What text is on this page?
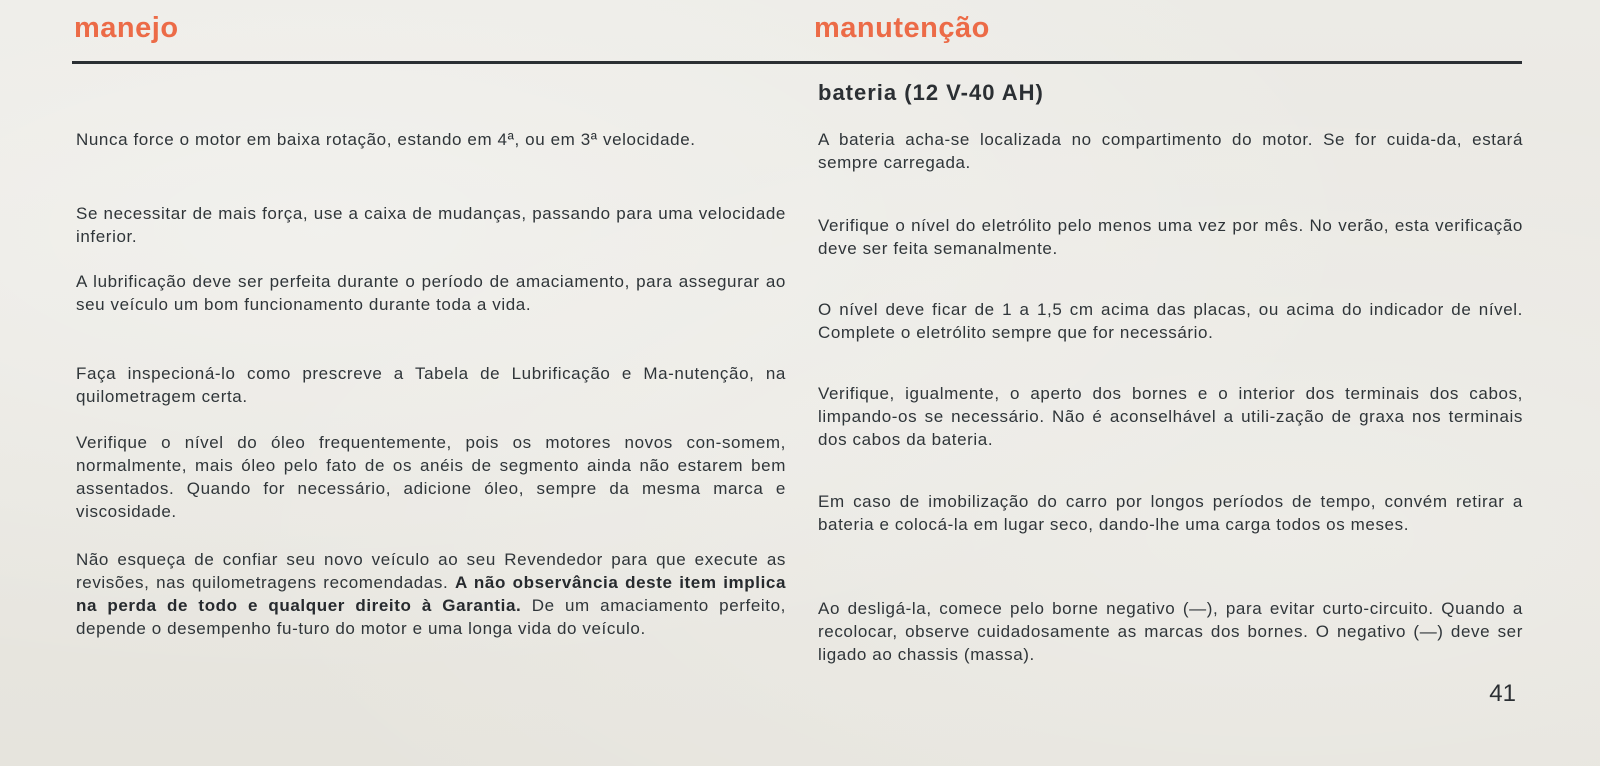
manejo	manutenção
bateria (12 V-40 AH)

Nunca force o motor em baixa rotação, estando em 4ª, ou em 3ª velocidade.

Se necessitar de mais força, use a caixa de mudanças, passando para uma velocidade inferior.

A lubrificação deve ser perfeita durante o período de amaciamento, para assegurar ao seu veículo um bom funcionamento durante toda a vida.

Faça inspecioná-lo como prescreve a Tabela de Lubrificação e Ma-nutenção, na quilometragem certa.

Verifique o nível do óleo frequentemente, pois os motores novos con-somem, normalmente, mais óleo pelo fato de os anéis de segmento ainda não estarem bem assentados. Quando for necessário, adicione óleo, sempre da mesma marca e viscosidade.

Não esqueça de confiar seu novo veículo ao seu Revendedor para que execute as revisões, nas quilometragens recomendadas. A não observância deste item implica na perda de todo e qualquer direito à Garantia. De um amaciamento perfeito, depende o desempenho fu-turo do motor e uma longa vida do veículo.

A bateria acha-se localizada no compartimento do motor. Se for cuida-da, estará sempre carregada.

Verifique o nível do eletrólito pelo menos uma vez por mês. No verão, esta verificação deve ser feita semanalmente.

O nível deve ficar de 1 a 1,5 cm acima das placas, ou acima do indicador de nível. Complete o eletrólito sempre que for necessário.

Verifique, igualmente, o aperto dos bornes e o interior dos terminais dos cabos, limpando-os se necessário. Não é aconselhável a utili-zação de graxa nos terminais dos cabos da bateria.

Em caso de imobilização do carro por longos períodos de tempo, convém retirar a bateria e colocá-la em lugar seco, dando-lhe uma carga todos os meses.

Ao desligá-la, comece pelo borne negativo (—), para evitar curto-circuito. Quando a recolocar, observe cuidadosamente as marcas dos bornes. O negativo (—) deve ser ligado ao chassis (massa).

41
